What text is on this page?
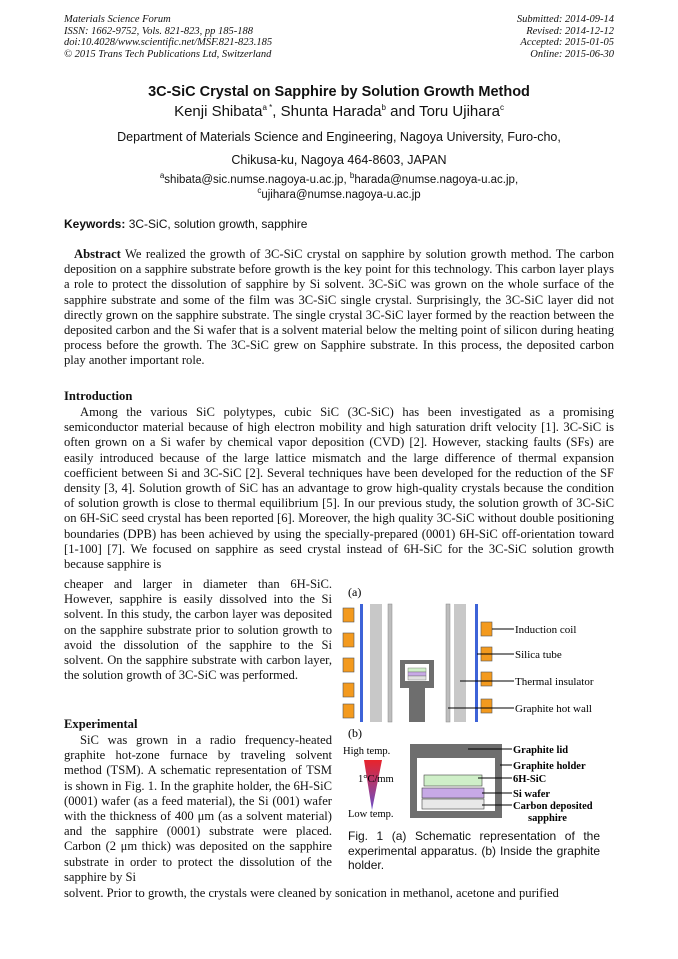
Materials Science Forum
ISSN: 1662-9752, Vols. 821-823, pp 185-188
doi:10.4028/www.scientific.net/MSF.821-823.185
© 2015 Trans Tech Publications Ltd, Switzerland
Submitted: 2014-09-14
Revised: 2014-12-12
Accepted: 2015-01-05
Online: 2015-06-30
3C-SiC Crystal on Sapphire by Solution Growth Method
Kenji Shibata$^{a *}$, Shunta Harada$^b$ and Toru Ujihara$^c$
Department of Materials Science and Engineering, Nagoya University, Furo-cho,
Chikusa-ku, Nagoya 464-8603, JAPAN
$^a$shibata@sic.numse.nagoya-u.ac.jp, $^b$harada@numse.nagoya-u.ac.jp,
$^c$ujihara@numse.nagoya-u.ac.jp
Keywords: 3C-SiC, solution growth, sapphire

Abstract We realized the growth of 3C-SiC crystal on sapphire by solution growth method. The carbon deposition on a sapphire substrate before growth is the key point for this technology. This carbon layer plays a role to protect the dissolution of sapphire by Si solvent. 3C-SiC was grown on the whole surface of the sapphire substrate and some of the film was 3C-SiC single crystal. Surprisingly, the 3C-SiC layer did not directly grown on the sapphire substrate. The single crystal 3C-SiC layer formed by the reaction between the deposited carbon and the Si wafer that is a solvent material below the melting point of silicon during heating process before the growth. The 3C-SiC grew on Sapphire substrate. In this process, the deposited carbon play another important role.

Introduction

Among the various SiC polytypes, cubic SiC (3C-SiC) has been investigated as a promising semiconductor material because of high electron mobility and high saturation drift velocity [1]. 3C-SiC is often grown on a Si wafer by chemical vapor deposition (CVD) [2]. However, stacking faults (SFs) are easily introduced because of the large lattice mismatch and the large difference of thermal expansion coefficient between Si and 3C-SiC [2]. Several techniques have been developed for the reduction of the SF density [3, 4]. Solution growth of SiC has an advantage to grow high-quality crystals because the condition of solution growth is close to thermal equilibrium [5]. In our previous study, the solution growth of 3C-SiC on 6H-SiC seed crystal has been reported [6]. Moreover, the high quality 3C-SiC without double positioning boundaries (DPB) has been achieved by using the specially-prepared (0001) 6H-SiC off-orientation toward [1-100] [7]. We focused on sapphire as seed crystal instead of 6H-SiC for the 3C-SiC solution growth because sapphire is

cheaper and larger in diameter than 6H-SiC. However, sapphire is easily dissolved into the Si solvent. In this study, the carbon layer was deposited on the sapphire substrate prior to solution growth to avoid the dissolution of the sapphire to the Si solvent. On the sapphire substrate with carbon layer, the solution growth of 3C-SiC was performed.

Experimental

SiC was grown in a radio frequency-heated graphite hot-zone furnace by traveling solvent method (TSM). A schematic representation of TSM is shown in Fig. 1. In the graphite holder, the 6H-SiC (0001) wafer (as a feed material), the Si (001) wafer with the thickness of 400 μm (as a solvent material) and the sapphire (0001) substrate were placed. Carbon (2 μm thick) was deposited on the sapphire substrate in order to protect the dissolution of the sapphire by Si

solvent. Prior to growth, the crystals were cleaned by sonication in methanol, acetone and purified

(a)
Induction coil
Silica tube
Thermal insulator
Graphite hot wall
(b)
High temp.
1°C/mm
Low temp.
Graphite lid
Graphite holder
6H-SiC
Si wafer
Carbon deposited
sapphire

Fig. 1 (a) Schematic representation of the experimental apparatus. (b) Inside the graphite holder.
